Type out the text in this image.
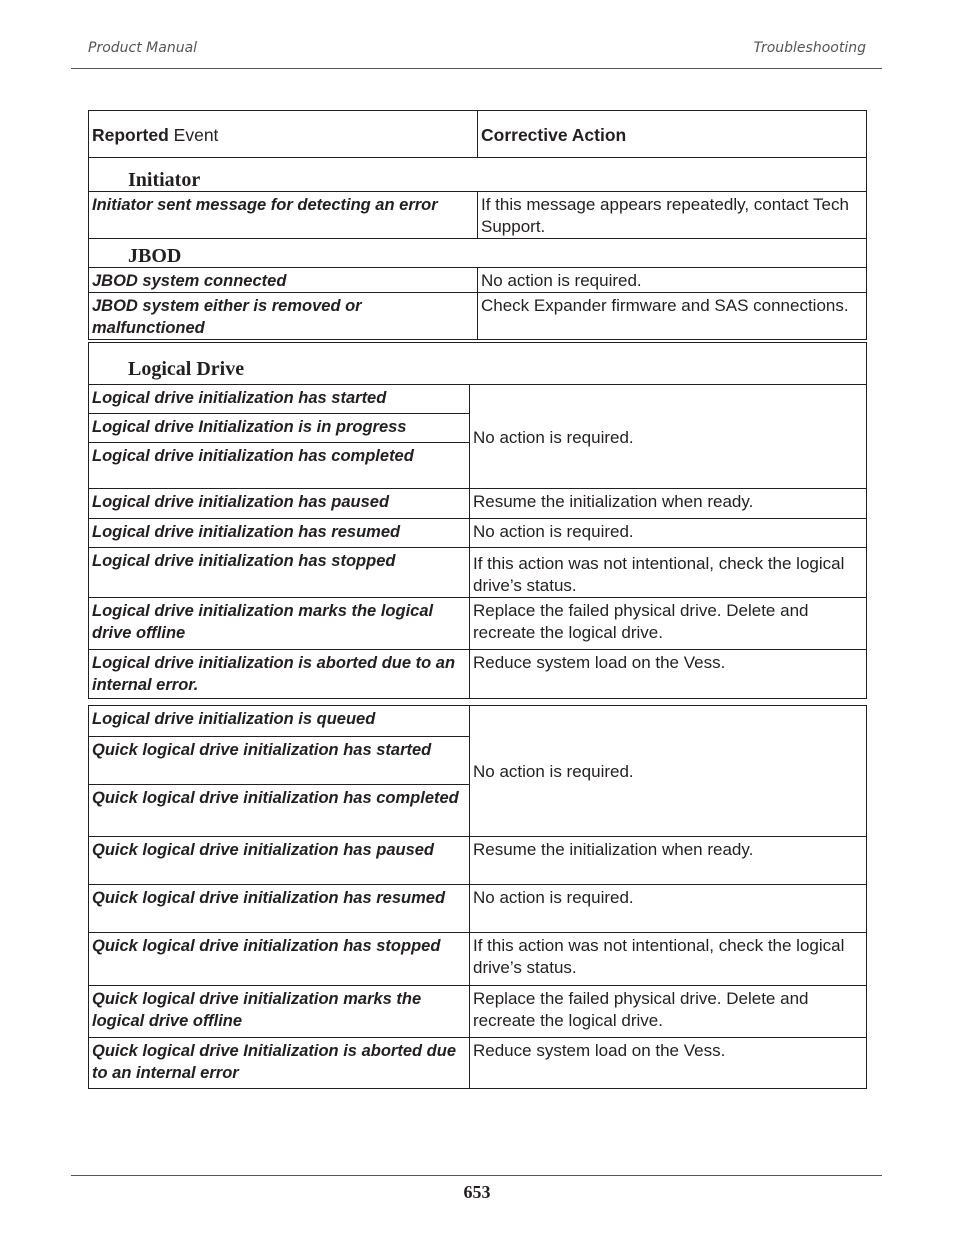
Product Manual	Troubleshooting
Reported Event	Corrective Action
Initiator	
Initiator sent message for detecting an error	If this message appears repeatedly, contact Tech Support.
JBOD	
JBOD system connected	No action is required.
JBOD system either is removed or malfunctioned	Check Expander firmware and SAS connections.
Logical Drive	
Logical drive initialization has started	No action is required.
Logical drive Initialization is in progress	
Logical drive initialization has completed	
Logical drive initialization has paused	Resume the initialization when ready.
Logical drive initialization has resumed	No action is required.
Logical drive initialization has stopped	If this action was not intentional, check the logical drive’s status.
Logical drive initialization marks the logical drive offline	Replace the failed physical drive. Delete and recreate the logical drive.
Logical drive initialization is aborted due to an internal error.	Reduce system load on the Vess.
Logical drive initialization is queued	No action is required.
Quick logical drive initialization has started	
Quick logical drive initialization has completed	
Quick logical drive initialization has paused	Resume the initialization when ready.
Quick logical drive initialization has resumed	No action is required.
Quick logical drive initialization has stopped	If this action was not intentional, check the logical drive’s status.
Quick logical drive initialization marks the logical drive offline	Replace the failed physical drive. Delete and recreate the logical drive.
Quick logical drive Initialization is aborted due to an internal error	Reduce system load on the Vess.
653
